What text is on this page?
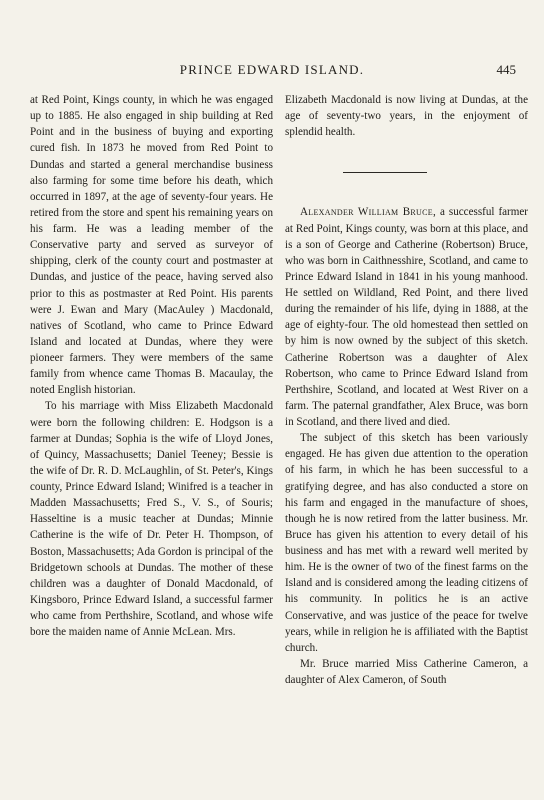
PRINCE EDWARD ISLAND.	445

at Red Point, Kings county, in which he was engaged up to 1885. He also engaged in ship building at Red Point and in the business of buying and exporting cured fish. In 1873 he moved from Red Point to Dundas and started a general merchandise business also farming for some time before his death, which occurred in 1897, at the age of seventy-four years. He retired from the store and spent his remaining years on his farm. He was a leading member of the Conservative party and served as surveyor of shipping, clerk of the county court and postmaster at Dundas, and justice of the peace, having served also prior to this as postmaster at Red Point. His parents were J. Ewan and Mary (MacAuley ) Macdonald, natives of Scotland, who came to Prince Edward Island and located at Dundas, where they were pioneer farmers. They were members of the same family from whence came Thomas B. Macaulay, the noted English historian.

To his marriage with Miss Elizabeth Macdonald were born the following children: E. Hodgson is a farmer at Dundas; Sophia is the wife of Lloyd Jones, of Quincy, Massachusetts; Daniel Teeney; Bessie is the wife of Dr. R. D. McLaughlin, of St. Peter's, Kings county, Prince Edward Island; Winifred is a teacher in Madden Massachusetts; Fred S., V. S., of Souris; Hasseltine is a music teacher at Dundas; Minnie Catherine is the wife of Dr. Peter H. Thompson, of Boston, Massachusetts; Ada Gordon is principal of the Bridgetown schools at Dundas. The mother of these children was a daughter of Donald Macdonald, of Kingsboro, Prince Edward Island, a successful farmer who came from Perthshire, Scotland, and whose wife bore the maiden name of Annie McLean. Mrs.

Elizabeth Macdonald is now living at Dundas, at the age of seventy-two years, in the enjoyment of splendid health.

Alexander William Bruce, a successful farmer at Red Point, Kings county, was born at this place, and is a son of George and Catherine (Robertson) Bruce, who was born in Caithnesshire, Scotland, and came to Prince Edward Island in 1841 in his young manhood. He settled on Wildland, Red Point, and there lived during the remainder of his life, dying in 1888, at the age of eighty-four. The old homestead then settled on by him is now owned by the subject of this sketch. Catherine Robertson was a daughter of Alex Robertson, who came to Prince Edward Island from Perthshire, Scotland, and located at West River on a farm. The paternal grandfather, Alex Bruce, was born in Scotland, and there lived and died.

The subject of this sketch has been variously engaged. He has given due attention to the operation of his farm, in which he has been successful to a gratifying degree, and has also conducted a store on his farm and engaged in the manufacture of shoes, though he is now retired from the latter business. Mr. Bruce has given his attention to every detail of his business and has met with a reward well merited by him. He is the owner of two of the finest farms on the Island and is considered among the leading citizens of his community. In politics he is an active Conservative, and was justice of the peace for twelve years, while in religion he is affiliated with the Baptist church.

Mr. Bruce married Miss Catherine Cameron, a daughter of Alex Cameron, of South
